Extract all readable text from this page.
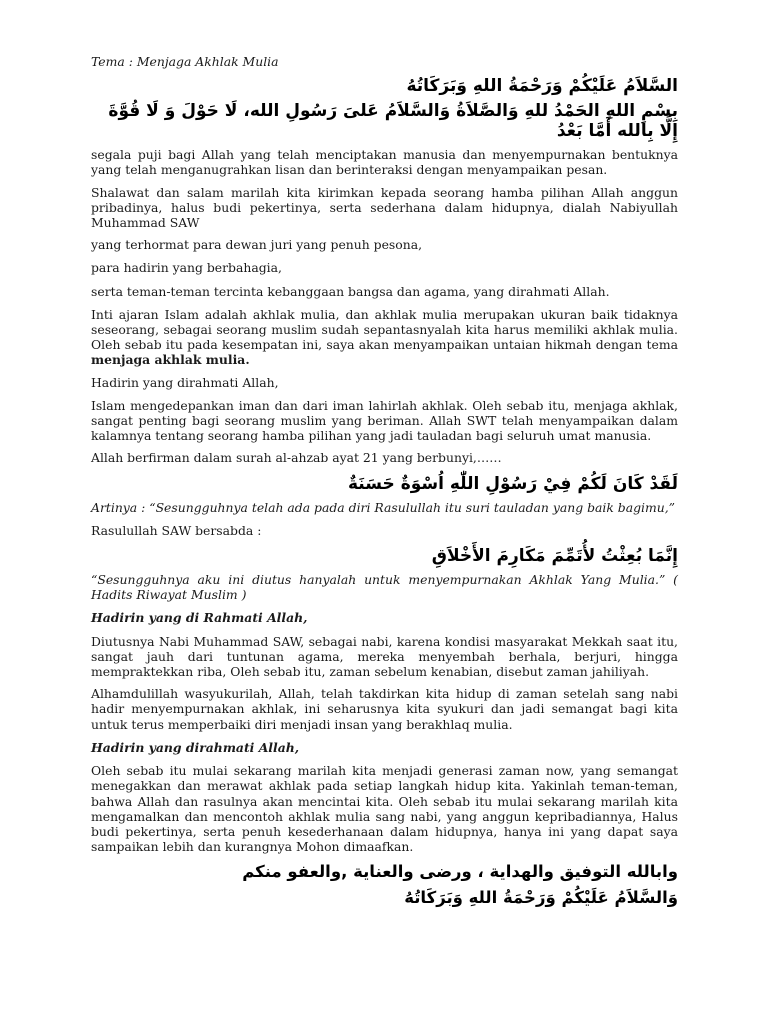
Tema : Menjaga Akhlak Mulia

السَّلاَمُ عَلَيْكُمْ وَرَحْمَةُ اللهِ وَبَرَكَاتُهُ

بِسْمِ اللهِ الحَمْدُ للهِ وَالصَّلاَةُ وَالسَّلاَمُ عَلىَ رَسُولِ الله، لَا حَوْلَ وَ لَا قُوَّةَ إِلَّا بِالله أَمَّا بَعْدُ

segala puji bagi Allah yang telah menciptakan manusia dan menyempurnakan bentuknya yang telah menganugrahkan lisan dan berinteraksi dengan menyampaikan pesan.

Shalawat dan salam marilah kita kirimkan kepada seorang hamba pilihan Allah anggun pribadinya, halus budi pekertinya, serta sederhana dalam hidupnya, dialah Nabiyullah Muhammad SAW

yang terhormat para dewan juri yang penuh pesona,

para hadirin yang berbahagia,

serta teman-teman tercinta kebanggaan bangsa dan agama, yang dirahmati Allah.

Inti ajaran Islam adalah akhlak mulia, dan akhlak mulia merupakan ukuran baik tidaknya seseorang, sebagai seorang muslim sudah sepantasnyalah kita harus memiliki akhlak mulia. Oleh sebab itu pada kesempatan ini, saya akan menyampaikan untaian hikmah dengan tema menjaga akhlak mulia.

Hadirin yang dirahmati Allah,

Islam mengedepankan iman dan dari iman lahirlah akhlak. Oleh sebab itu, menjaga akhlak, sangat penting bagi seorang muslim yang beriman. Allah SWT telah menyampaikan dalam kalamnya tentang seorang hamba pilihan yang jadi tauladan bagi seluruh umat manusia.

Allah berfirman dalam surah al-ahzab ayat 21 yang berbunyi,……

لَقَدْ كَانَ لَكُمْ فِيْ رَسُوْلِ اللّٰهِ اُسْوَةٌ حَسَنَةٌ

Artinya : “Sesungguhnya telah ada pada diri Rasulullah itu suri tauladan yang baik bagimu,”

Rasulullah SAW bersabda :

إِنَّمَا بُعِثْتُ لأُتَمِّمَ مَكَارِمَ الأَخْلاَقِ

“Sesungguhnya aku ini diutus hanyalah untuk menyempurnakan Akhlak Yang Mulia.” ( Hadits Riwayat Muslim )

Hadirin yang di Rahmati Allah,

Diutusnya Nabi Muhammad SAW, sebagai nabi, karena kondisi masyarakat Mekkah saat itu, sangat jauh dari tuntunan agama, mereka menyembah berhala, berjuri, hingga mempraktekkan riba, Oleh sebab itu, zaman sebelum kenabian, disebut zaman jahiliyah.

Alhamdulillah wasyukurilah, Allah, telah takdirkan kita hidup di zaman setelah sang nabi hadir menyempurnakan akhlak, ini seharusnya kita syukuri dan jadi semangat bagi kita untuk terus memperbaiki diri menjadi insan yang berakhlaq mulia.

Hadirin yang dirahmati Allah,

Oleh sebab itu mulai sekarang marilah kita menjadi generasi zaman now, yang semangat menegakkan dan merawat akhlak pada setiap langkah hidup kita. Yakinlah teman-teman, bahwa Allah dan rasulnya akan mencintai kita. Oleh sebab itu mulai sekarang marilah kita mengamalkan dan mencontoh akhlak mulia sang nabi, yang anggun kepribadiannya, Halus budi pekertinya, serta penuh kesederhanaan dalam hidupnya, hanya ini yang dapat saya sampaikan lebih dan kurangnya Mohon dimaafkan.

وابالله التوفيق والهداية ، ورضى والعناية ,والعفو منكم

وَالسَّلاَمُ عَلَيْكُمْ وَرَحْمَةُ اللهِ وَبَرَكَاتُهُ
